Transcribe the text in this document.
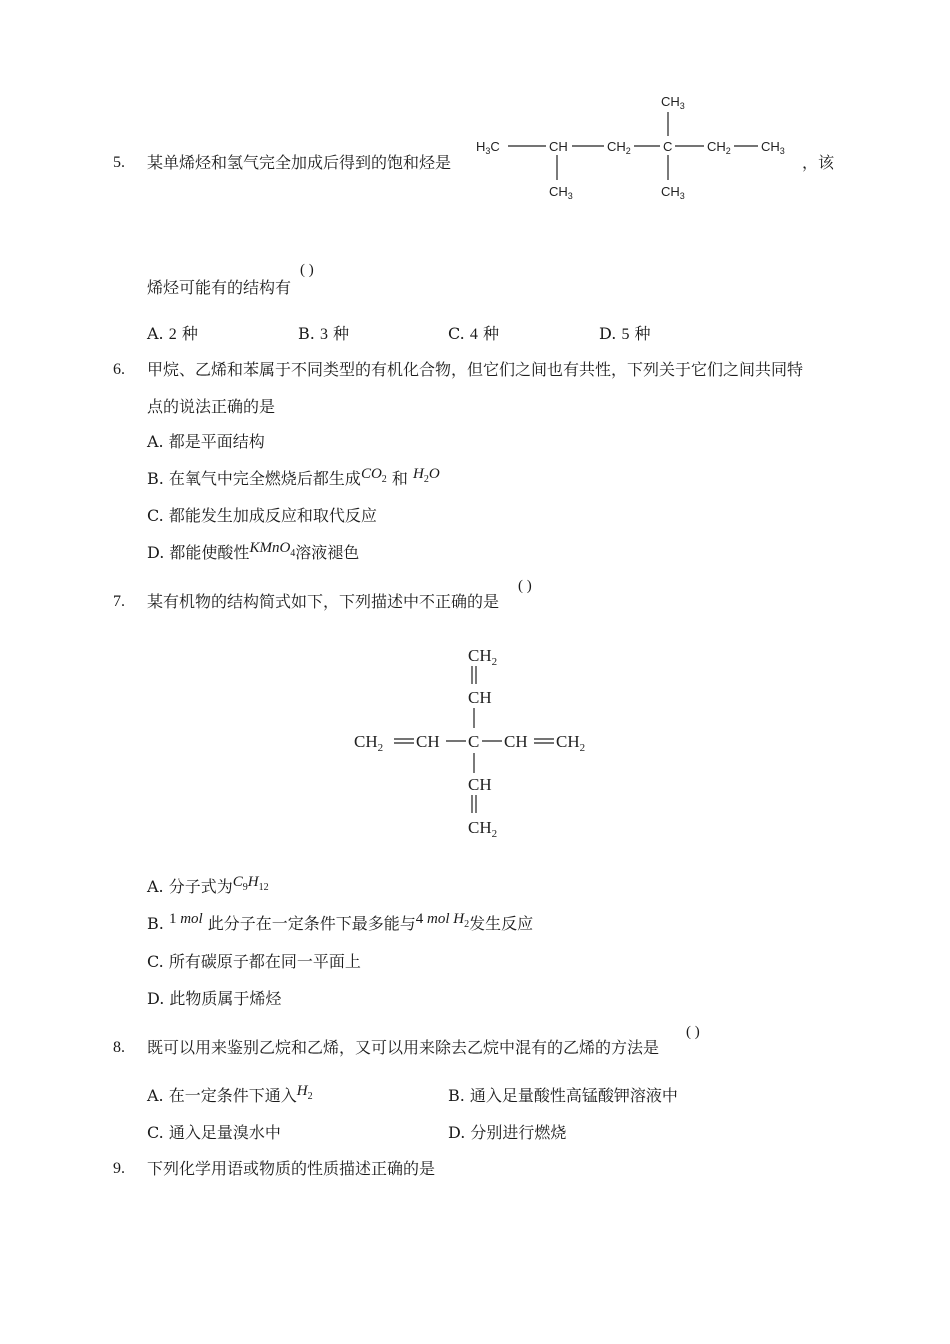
5. 某单烯烃和氢气完全加成后得到的饱和烃是
$H_3C$	CH	$CH_2$ C	$CH_2$ $CH_3$
$CH_3$
$CH_3$	$CH_3$
，该
( )
烯烃可能有的结构有
A. 2 种	B. 3 种	C. 4 种	D. 5 种
6. 甲烷、乙烯和苯属于不同类型的有机化合物，但它们之间也有共性，下列关于它们之间共同特
点的说法正确的是
A. 都是平面结构
B. 在氧气中完全燃烧后都生成$CO_2$ 和 $H_2O$
C. 都能发生加成反应和取代反应
D. 都能使酸性KMnO$_4$溶液褪色
7. 某有机物的结构简式如下，下列描述中不正确的是
( )
$CH_2$
CH
$CH_2$ CH C CH $CH_2$
CH
$CH_2$
A. 分子式为$C_9H_{12}$
B. 1 mol 此分子在一定条件下最多能与4 mol $H_2$发生反应
C. 所有碳原子都在同一平面上
D. 此物质属于烯烃
8. 既可以用来鉴别乙烷和乙烯，又可以用来除去乙烷中混有的乙烯的方法是
( )
A. 在一定条件下通入$H_2$	B. 通入足量酸性高锰酸钾溶液中
C. 通入足量溴水中	D. 分别进行燃烧
9. 下列化学用语或物质的性质描述正确的是
